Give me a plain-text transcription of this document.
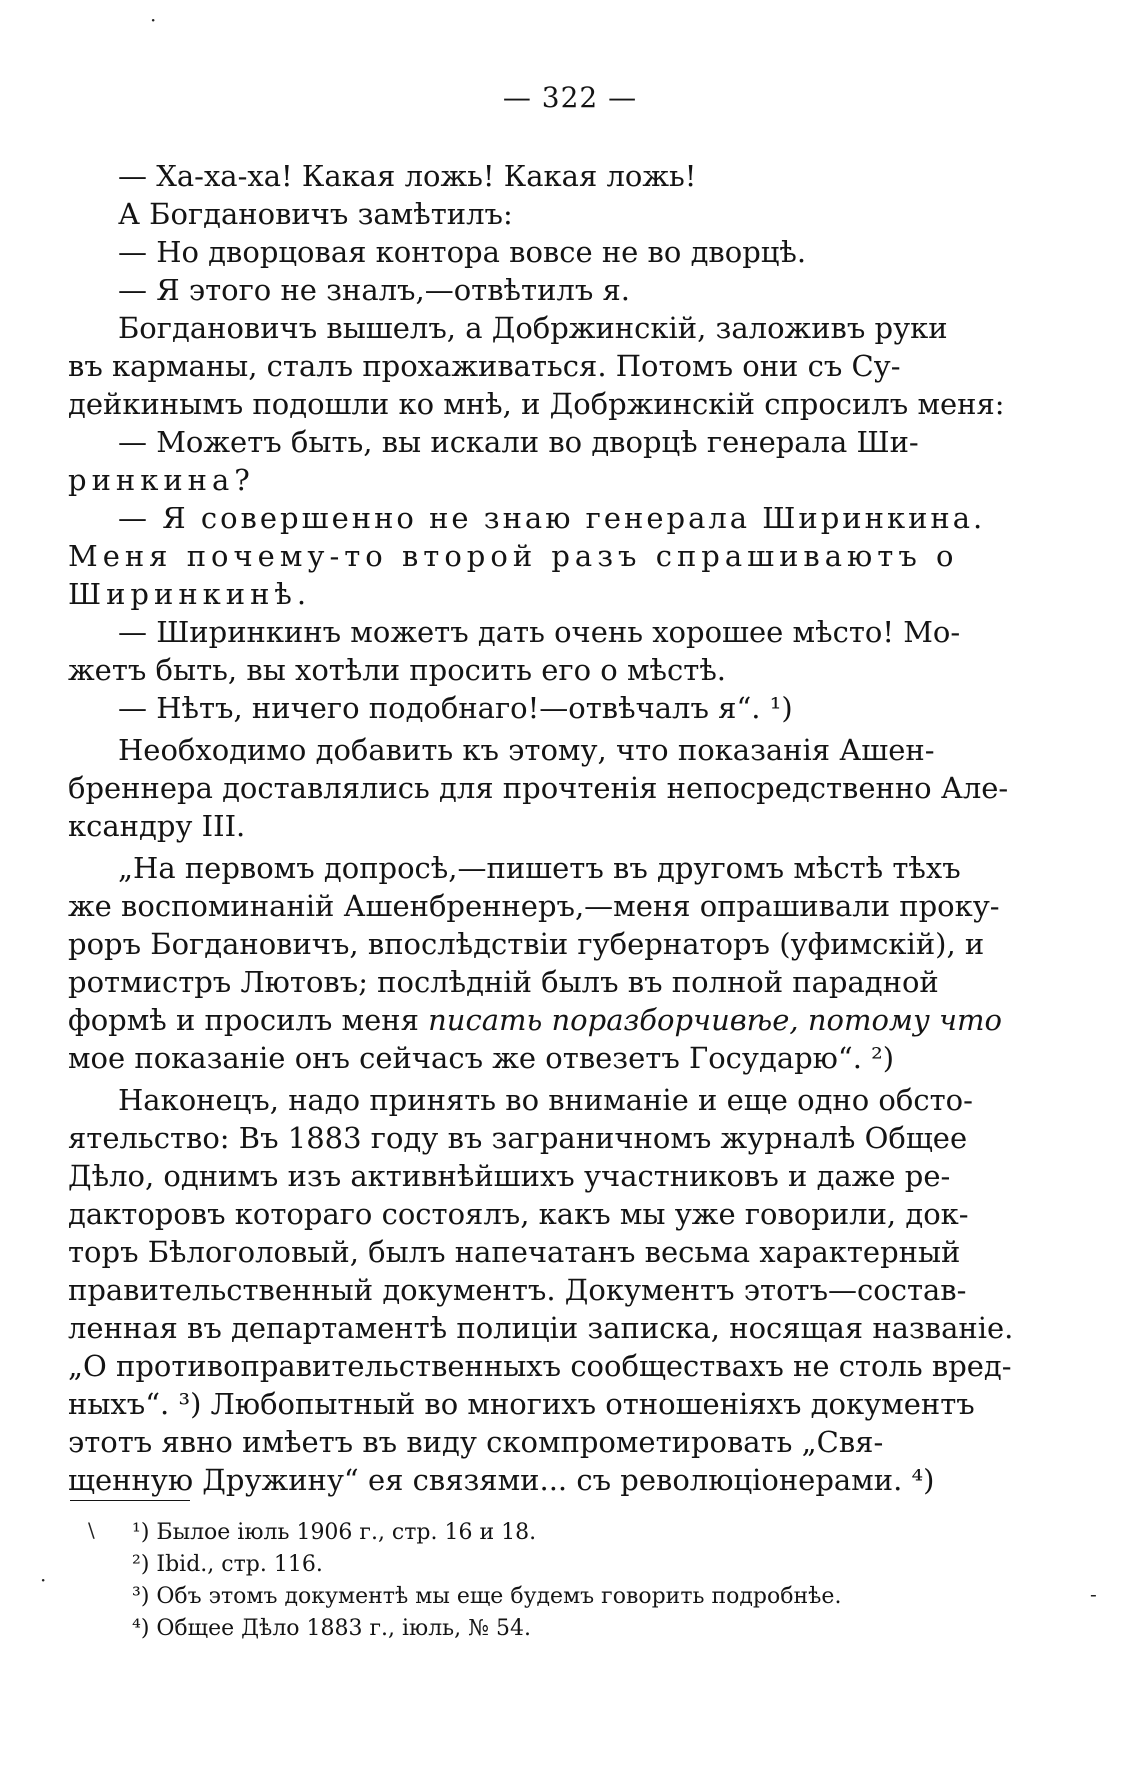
— 322 —

— Ха-ха-ха! Какая ложь! Какая ложь!

А Богдановичъ замѣтилъ:

— Но дворцовая контора вовсе не во дворцѣ.

— Я этого не зналъ,—отвѣтилъ я.

Богдановичъ вышелъ, а Добржинскій, заложивъ руки

въ карманы, сталъ прохаживаться. Потомъ они съ Су-

дейкинымъ подошли ко мнѣ, и Добржинскій спросилъ меня:

— Можетъ быть, вы искали во дворцѣ генерала Ши-

ринкина?

— Я совершенно не знаю генерала Ширинкина.

Меня почему-то второй разъ спрашиваютъ о

Ширинкинѣ.

— Ширинкинъ можетъ дать очень хорошее мѣсто! Мо-

жетъ быть, вы хотѣли просить его о мѣстѣ.

— Нѣтъ, ничего подобнаго!—отвѣчалъ я“. ¹)

Необходимо добавить къ этому, что показанія Ашен-

бреннера доставлялись для прочтенія непосредственно Але-

ксандру III.

„На первомъ допросѣ,—пишетъ въ другомъ мѣстѣ тѣхъ

же воспоминаній Ашенбреннеръ,—меня опрашивали проку-

роръ Богдановичъ, впослѣдствіи губернаторъ (уфимскій), и

ротмистръ Лютовъ; послѣдній былъ въ полной парадной

формѣ и просилъ меня писать поразборчивѣе, потому что

мое показаніе онъ сейчасъ же отвезетъ Государю“. ²)

Наконецъ, надо принять во вниманіе и еще одно обсто-

ятельство: Въ 1883 году въ заграничномъ журналѣ Общее

Дѣло, однимъ изъ активнѣйшихъ участниковъ и даже ре-

дакторовъ котораго состоялъ, какъ мы уже говорили, док-

торъ Бѣлоголовый, былъ напечатанъ весьма характерный

правительственный документъ. Документъ этотъ—состав-

ленная въ департаментѣ полиціи записка, носящая названіе.

„О противоправительственныхъ сообществахъ не столь вред-

ныхъ“. ³) Любопытный во многихъ отношеніяхъ документъ

этотъ явно имѣетъ въ виду скомпрометировать „Свя-

щенную Дружину“ ея связями... съ революціонерами. ⁴)

¹) Былое іюль 1906 г., стр. 16 и 18.

²) Ibid., стр. 116.

³) Объ этомъ документѣ мы еще будемъ говорить подробнѣе.

⁴) Общее Дѣло 1883 г., іюль, № 54.

·
\
-
·
